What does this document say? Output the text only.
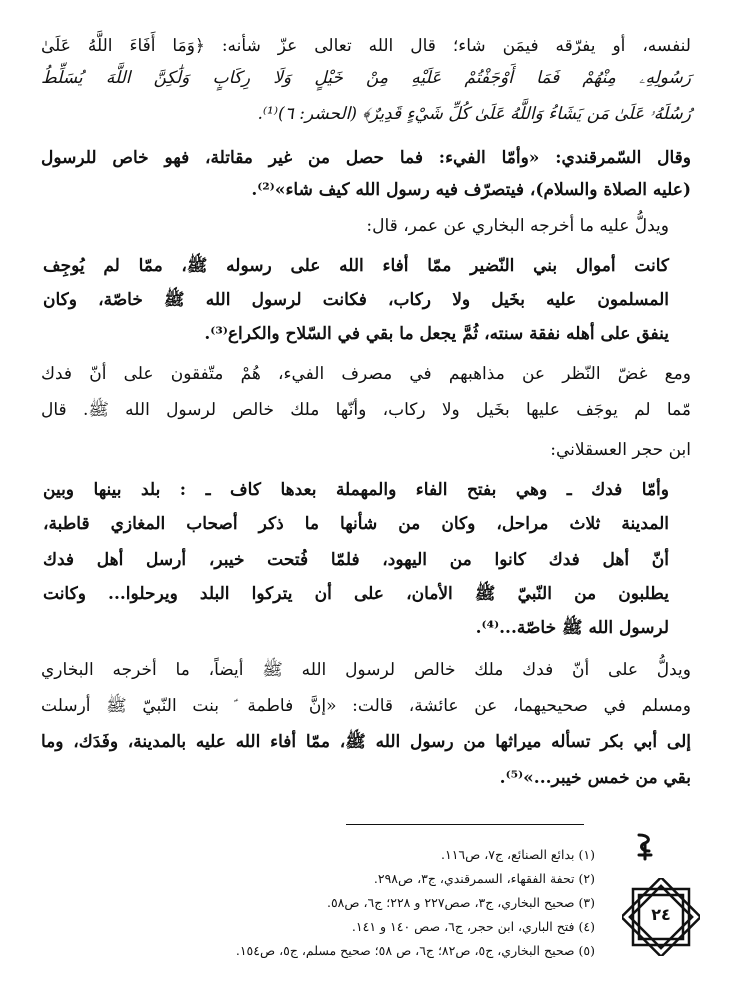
لنفسه، أو يفرّقه فيمَن شاء؛ قال الله تعالى عزّ شأنه: ﴿وَمَا أَفَاءَ اللَّهُ عَلَىٰ
رَسُولِهِۦ مِنْهُمْ فَمَا أَوْجَفْتُمْ عَلَيْهِ مِنْ خَيْلٍ وَلَا رِكَابٍ وَلَٰكِنَّ اللَّهَ يُسَلِّطُ
رُسُلَهُۥ عَلَىٰ مَن يَشَاءُ وَاللَّهُ عَلَىٰ كُلِّ شَيْءٍ قَدِيرٌ﴾ (الحشر: ٦)⁽¹⁾.
وقال السّمرقندي: «وأمّا الفيء: فما حصل من غير مقاتلة، فهو خاص للرسول
(عليه الصلاة والسلام)، فيتصرّف فيه رسول الله كيف شاء»⁽²⁾.
ويدلُّ عليه ما أخرجه البخاري عن عمر، قال:
كانت أموال بني النّضير ممّا أفاء الله على رسوله ﷺ، ممّا لم يُوجِف
المسلمون عليه بخَيل ولا ركاب، فكانت لرسول الله ﷺ خاصّة، وكان
ينفق على أهله نفقة سنته، ثُمَّ يجعل ما بقي في السّلاح والكراع⁽³⁾.
ومع غضّ النّظر عن مذاهبهم في مصرف الفيء، هُمْ متّفقون على أنّ فدك
مّما لم يوجَف عليها بخَيل ولا ركاب، وأنّها ملك خالص لرسول الله ﷺ. قال
ابن حجر العسقلاني:
وأمّا فدك ـ وهي بفتح الفاء والمهملة بعدها كاف ـ : بلد بينها وبين
المدينة ثلاث مراحل، وكان من شأنها ما ذكر أصحاب المغازي قاطبة،
أنّ أهل فدك كانوا من اليهود، فلمّا فُتحت خيبر، أرسل أهل فدك
يطلبون من النّبيّ ﷺ الأمان، على أن يتركوا البلد ويرحلوا... وكانت
لرسول الله ﷺ خاصّة...⁽⁴⁾.
ويدلُّ على أنّ فدك ملك خالص لرسول الله ﷺ أيضاً، ما أخرجه البخاري
ومسلم في صحيحيهما، عن عائشة، قالت: «إنَّ فاطمة ؑ بنت النّبيّ ﷺ أرسلت
إلى أبي بكر تسأله ميراثها من رسول الله ﷺ، ممّا أفاء الله عليه بالمدينة، وفَدَك، وما
بقي من خمس خيبر...»⁽⁵⁾.
(١) بدائع الصنائع، ج٧، ص١١٦.
(٢) تحفة الفقهاء، السمرقندي، ج٣، ص٢٩٨.
(٣) صحيح البخاري، ج٣، صص٢٢٧ و ٢٢٨؛ ج٦، ص٥٨.
(٤) فتح الباري، ابن حجر، ج٦، صص ١٤٠ و ١٤١.
(٥) صحيح البخاري، ج٥، ص٨٢؛ ج٦، ص ٥٨؛ صحيح مسلم، ج٥، ص١٥٤.
٢٤
